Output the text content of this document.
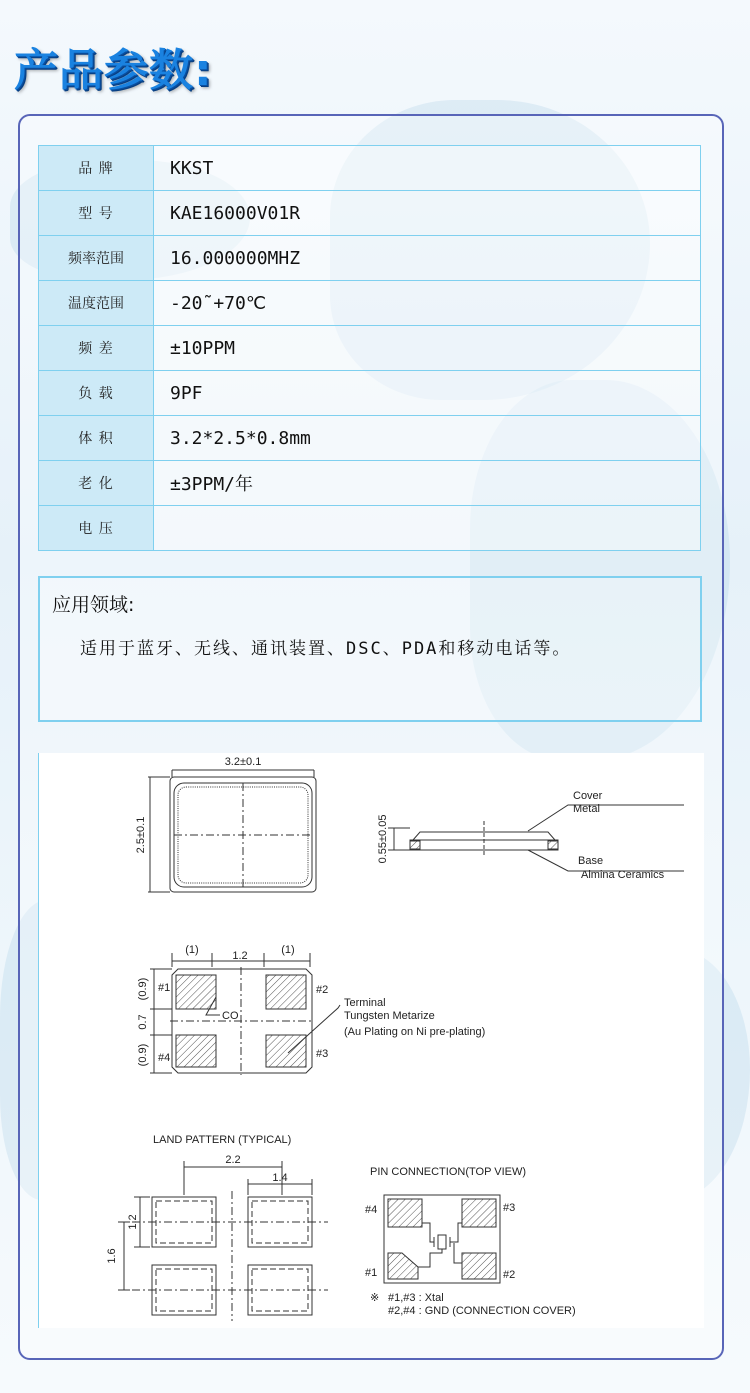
产品参数:
品 牌	KKST
型 号	KAE16000V01R
频率范围	16.000000MHZ
温度范围	-20˜+70℃
频 差	±10PPM
负 载	9PF
体 积	3.2*2.5*0.8mm
老 化	±3PPM/年
电 压	
应用领域:
适用于蓝牙、无线、通讯装置、DSC、PDA和移动电话等。
3.2±0.1
2.5±0.1	0.55±0.05
Cover
Metal
Base
Almina Ceramics
(1)	1.2	(1)
(0.9)
0.7
(0.9)
#1	#2
#3
#4
CO
Terminal
Tungsten Metarize
(Au Plating on Ni pre-plating)
LAND PATTERN (TYPICAL)
2.2
1.4
1.2
1.6
PIN CONNECTION(TOP VIEW)
#4	#3
#1	#2
※ #1,#3 : Xtal
#2,#4 : GND (CONNECTION COVER)
